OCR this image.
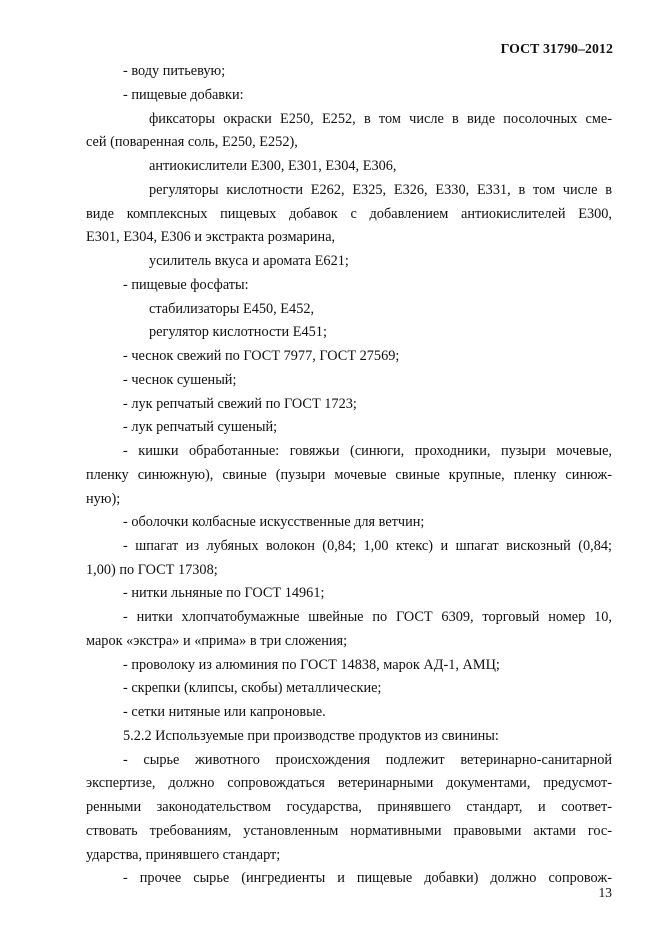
ГОСТ 31790–2012
- воду питьевую;
- пищевые добавки:
фиксаторы окраски Е250, Е252, в том числе в виде посолочных сме-
сей (поваренная соль, Е250, Е252),
антиокислители Е300, Е301, Е304, Е306,
регуляторы кислотности Е262, Е325, Е326, Е330, Е331, в том числе в
виде комплексных пищевых добавок с добавлением антиокислителей Е300,
Е301, Е304, Е306 и экстракта розмарина,
усилитель вкуса и аромата Е621;
- пищевые фосфаты:
стабилизаторы Е450, Е452,
регулятор кислотности Е451;
- чеснок свежий по ГОСТ 7977, ГОСТ 27569;
- чеснок сушеный;
- лук репчатый свежий по ГОСТ 1723;
- лук репчатый сушеный;
- кишки обработанные: говяжьи (синюги, проходники, пузыри мочевые,
пленку синюжную), свиные (пузыри мочевые свиные крупные, пленку синюж-
ную);
- оболочки колбасные искусственные для ветчин;
- шпагат из лубяных волокон (0,84; 1,00 ктекс) и шпагат вискозный (0,84;
1,00) по ГОСТ 17308;
- нитки льняные по ГОСТ 14961;
- нитки хлопчатобумажные швейные по ГОСТ 6309, торговый номер 10,
марок «экстра» и «прима» в три сложения;
- проволоку из алюминия по ГОСТ 14838, марок АД-1, АМЦ;
- скрепки (клипсы, скобы) металлические;
- сетки нитяные или капроновые.
5.2.2 Используемые при производстве продуктов из свинины:
- сырье животного происхождения подлежит ветеринарно-санитарной
экспертизе, должно сопровождаться ветеринарными документами, предусмот-
ренными законодательством государства, принявшего стандарт, и соответ-
ствовать требованиям, установленным нормативными правовыми актами гос-
ударства, принявшего стандарт;
- прочее сырье (ингредиенты и пищевые добавки) должно сопровож-
13
